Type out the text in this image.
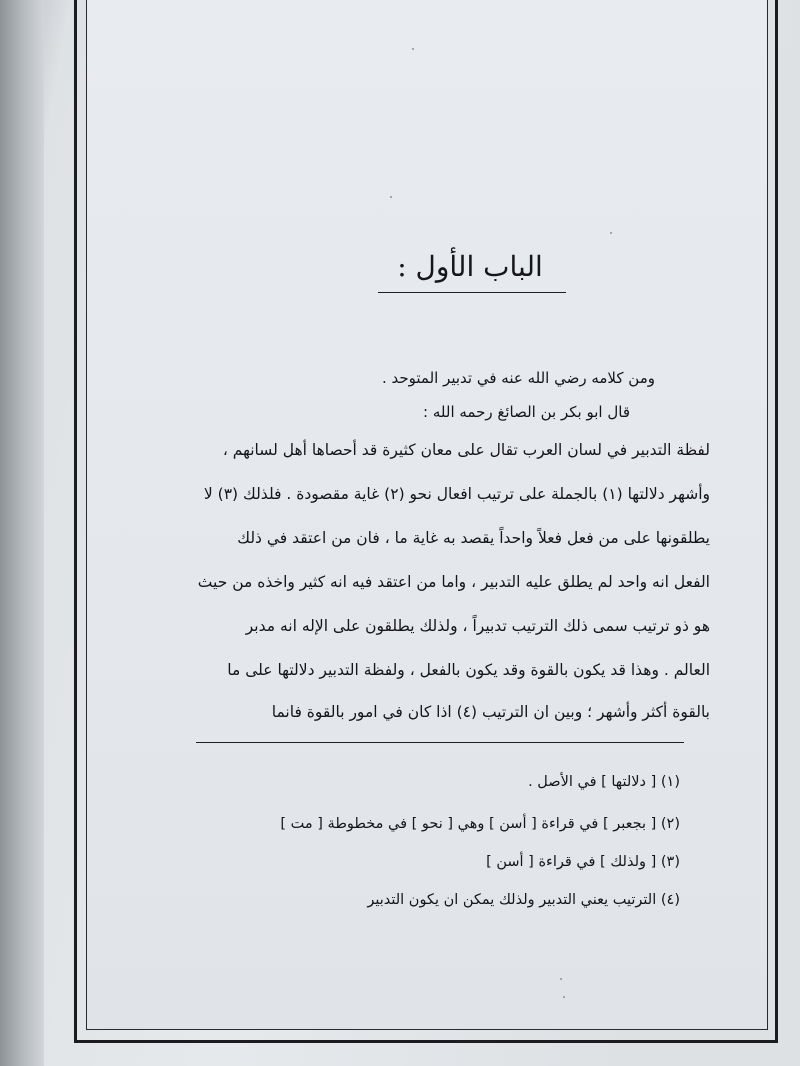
الباب الأول :
ومن كلامه رضي الله عنه في تدبير المتوحد .
قال ابو بكر بن الصائغ رحمه الله :
لفظة التدبير في لسان العرب تقال على معان كثيرة قد أحصاها أهل لسانهم ،
وأشهر دلالتها (١) بالجملة على ترتيب افعال نحو (٢) غاية مقصودة . فلذلك (٣) لا
يطلقونها على من فعل فعلاً واحداً يقصد به غاية ما ، فان من اعتقد في ذلك
الفعل انه واحد لم يطلق عليه التدبير ، واما من اعتقد فيه انه كثير واخذه من حيث
هو ذو ترتيب سمى ذلك الترتيب تدبيراً ، ولذلك يطلقون على الإله انه مدبر
العالم . وهذا قد يكون بالقوة وقد يكون بالفعل ، ولفظة التدبير دلالتها على ما
بالقوة أكثر وأشهر ؛ وبين ان الترتيب (٤) اذا كان في امور بالقوة فانما
(١) [ دلالتها ] في الأصل .
(٢) [ بجعبر ] في قراءة [ أسن ] وهي [ نحو ] في مخطوطة [ مت ]
(٣) [ ولذلك ] في قراءة [ أسن ]
(٤) الترتيب يعني التدبير ولذلك يمكن ان يكون التدبير
